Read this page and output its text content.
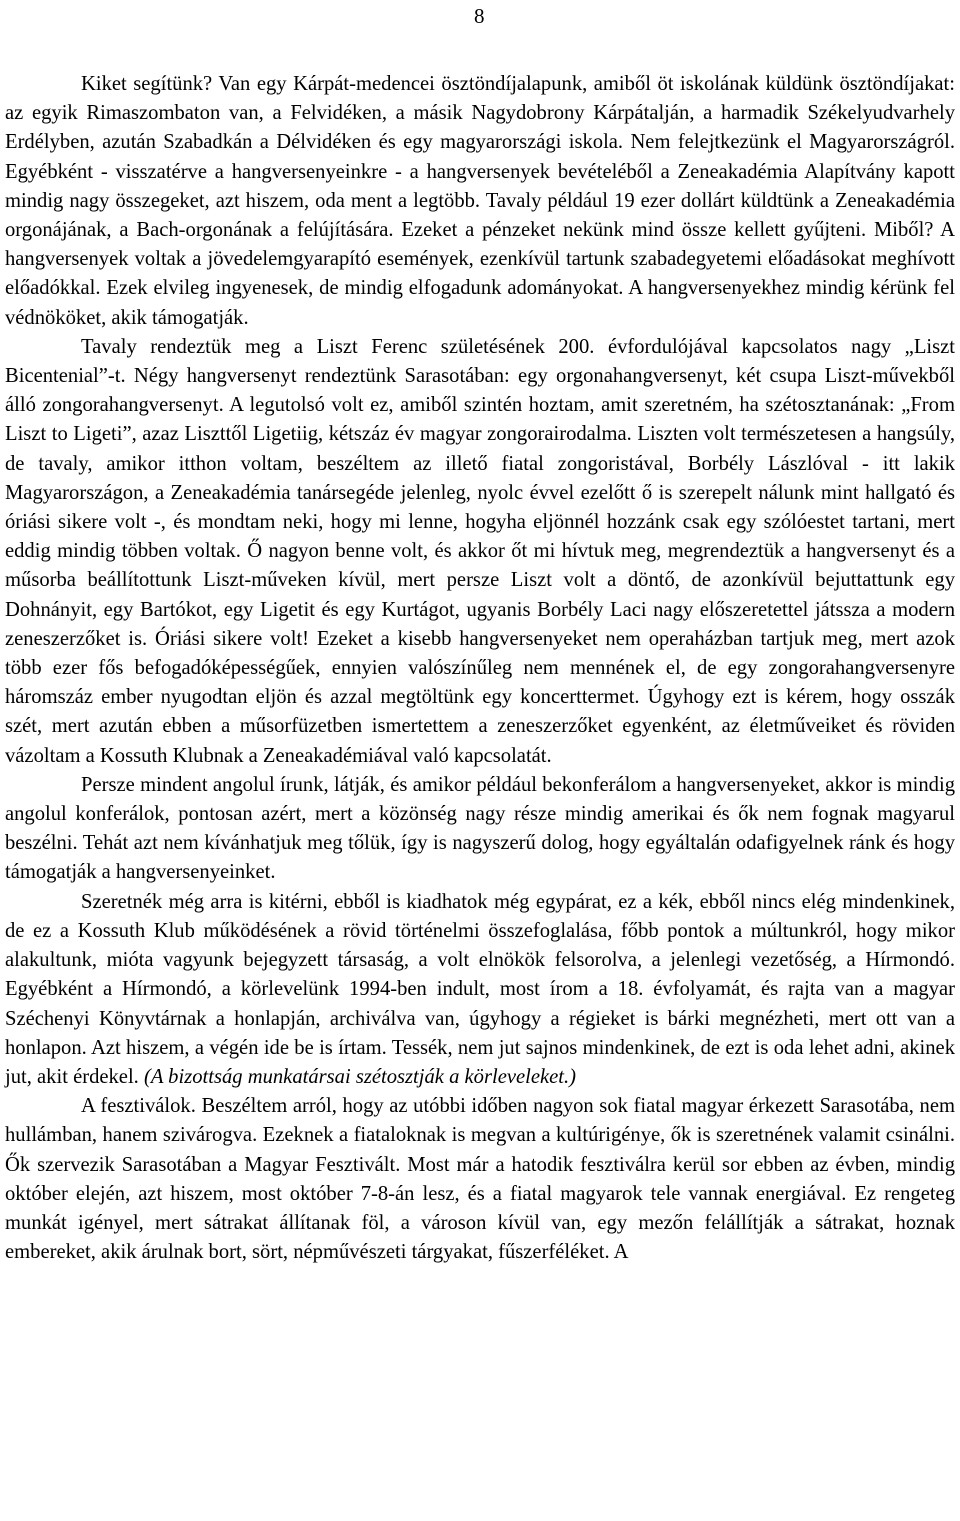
8

Kiket segítünk? Van egy Kárpát-medencei ösztöndíjalapunk, amiből öt iskolának küldünk ösztöndíjakat: az egyik Rimaszombaton van, a Felvidéken, a másik Nagydobrony Kárpátalján, a harmadik Székelyudvarhely Erdélyben, azután Szabadkán a Délvidéken és egy magyarországi iskola. Nem felejtkezünk el Magyarországról. Egyébként - visszatérve a hangversenyeinkre - a hangversenyek bevételéből a Zeneakadémia Alapítvány kapott mindig nagy összegeket, azt hiszem, oda ment a legtöbb. Tavaly például 19 ezer dollárt küldtünk a Zeneakadémia orgonájának, a Bach-orgonának a felújítására. Ezeket a pénzeket nekünk mind össze kellett gyűjteni. Miből? A hangversenyek voltak a jövedelemgyarapító események, ezenkívül tartunk szabadegyetemi előadásokat meghívott előadókkal. Ezek elvileg ingyenesek, de mindig elfogadunk adományokat. A hangversenyekhez mindig kérünk fel védnököket, akik támogatják.

Tavaly rendeztük meg a Liszt Ferenc születésének 200. évfordulójával kapcsolatos nagy „Liszt Bicentenial”-t. Négy hangversenyt rendeztünk Sarasotában: egy orgonahangversenyt, két csupa Liszt-művekből álló zongorahangversenyt. A legutolsó volt ez, amiből szintén hoztam, amit szeretném, ha szétosztanának: „From Liszt to Ligeti”, azaz Liszttől Ligetiig, kétszáz év magyar zongorairodalma. Liszten volt természetesen a hangsúly, de tavaly, amikor itthon voltam, beszéltem az illető fiatal zongoristával, Borbély Lászlóval - itt lakik Magyarországon, a Zeneakadémia tanársegéde jelenleg, nyolc évvel ezelőtt ő is szerepelt nálunk mint hallgató és óriási sikere volt -, és mondtam neki, hogy mi lenne, hogyha eljönnél hozzánk csak egy szólóestet tartani, mert eddig mindig többen voltak. Ő nagyon benne volt, és akkor őt mi hívtuk meg, megrendeztük a hangversenyt és a műsorba beállítottunk Liszt-műveken kívül, mert persze Liszt volt a döntő, de azonkívül bejuttattunk egy Dohnányit, egy Bartókot, egy Ligetit és egy Kurtágot, ugyanis Borbély Laci nagy előszeretettel játssza a modern zeneszerzőket is. Óriási sikere volt! Ezeket a kisebb hangversenyeket nem operaházban tartjuk meg, mert azok több ezer fős befogadóképességűek, ennyien valószínűleg nem mennének el, de egy zongorahangversenyre háromszáz ember nyugodtan eljön és azzal megtöltünk egy koncerttermet. Úgyhogy ezt is kérem, hogy osszák szét, mert azután ebben a műsorfüzetben ismertettem a zeneszerzőket egyenként, az életműveiket és röviden vázoltam a Kossuth Klubnak a Zeneakadémiával való kapcsolatát.

Persze mindent angolul írunk, látják, és amikor például bekonferálom a hangversenyeket, akkor is mindig angolul konferálok, pontosan azért, mert a közönség nagy része mindig amerikai és ők nem fognak magyarul beszélni. Tehát azt nem kívánhatjuk meg tőlük, így is nagyszerű dolog, hogy egyáltalán odafigyelnek ránk és hogy támogatják a hangversenyeinket.

Szeretnék még arra is kitérni, ebből is kiadhatok még egypárat, ez a kék, ebből nincs elég mindenkinek, de ez a Kossuth Klub működésének a rövid történelmi összefoglalása, főbb pontok a múltunkról, hogy mikor alakultunk, mióta vagyunk bejegyzett társaság, a volt elnökök felsorolva, a jelenlegi vezetőség, a Hírmondó. Egyébként a Hírmondó, a körlevelünk 1994-ben indult, most írom a 18. évfolyamát, és rajta van a magyar Széchenyi Könyvtárnak a honlapján, archiválva van, úgyhogy a régieket is bárki megnézheti, mert ott van a honlapon. Azt hiszem, a végén ide be is írtam. Tessék, nem jut sajnos mindenkinek, de ezt is oda lehet adni, akinek jut, akit érdekel. (A bizottság munkatársai szétosztják a körleveleket.)

A fesztiválok. Beszéltem arról, hogy az utóbbi időben nagyon sok fiatal magyar érkezett Sarasotába, nem hullámban, hanem szivárogva. Ezeknek a fiataloknak is megvan a kultúrigénye, ők is szeretnének valamit csinálni. Ők szervezik Sarasotában a Magyar Fesztivált. Most már a hatodik fesztiválra kerül sor ebben az évben, mindig október elején, azt hiszem, most október 7-8-án lesz, és a fiatal magyarok tele vannak energiával. Ez rengeteg munkát igényel, mert sátrakat állítanak föl, a városon kívül van, egy mezőn felállítják a sátrakat, hoznak embereket, akik árulnak bort, sört, népművészeti tárgyakat, fűszerféléket. A
